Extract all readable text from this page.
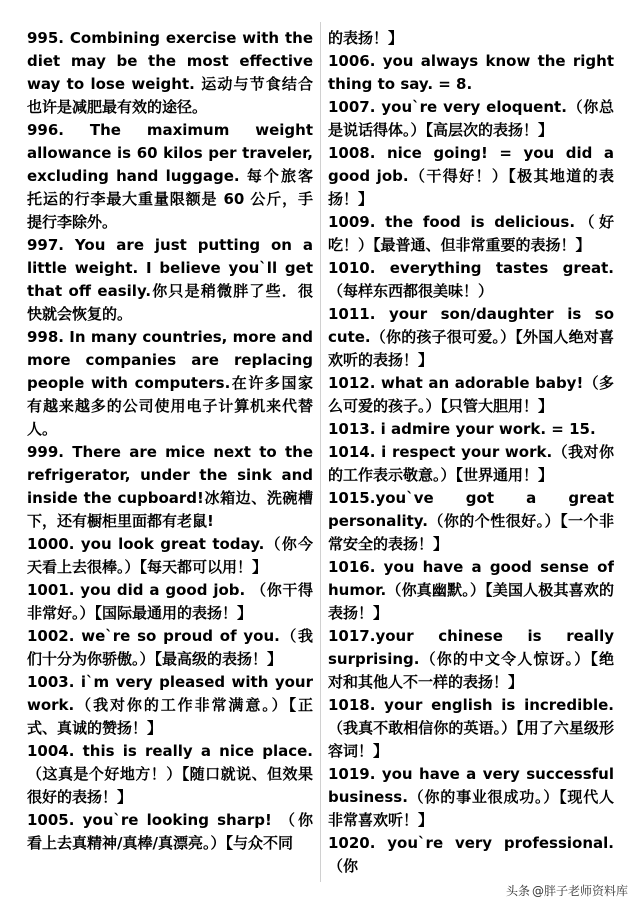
995. Combining exercise with the diet may be the most effective way to lose weight. 运动与节食结合也许是减肥最有效的途径。

996. The maximum weight allowance is 60 kilos per traveler, excluding hand luggage. 每个旅客托运的行李最大重量限额是 60 公斤，手提行李除外。

997. You are just putting on a little weight. I believe you`ll get that off easily.你只是稍微胖了些．很快就会恢复的。

998. In many countries, more and more companies are replacing people with computers.在许多国家有越来越多的公司使用电子计算机来代替人。

999. There are mice next to the refrigerator, under the sink and inside the cupboard!冰箱边、洗碗槽下，还有橱柜里面都有老鼠!

1000. you look great today.（你今天看上去很棒。）【每天都可以用！】

1001. you did a good job. （你干得非常好。）【国际最通用的表扬！】

1002. we`re so proud of you.（我们十分为你骄傲。）【最高级的表扬！】

1003. i`m very pleased with your work.（我对你的工作非常满意。）【正式、真诚的赞扬！】

1004. this is really a nice place.（这真是个好地方！）【随口就说、但效果很好的表扬！】

1005. you`re looking sharp! （你看上去真精神/真棒/真漂亮。）【与众不同

的表扬！】

1006. you always know the right thing to say. = 8.

1007. you`re very eloquent.（你总是说话得体。）【高层次的表扬！】

1008. nice going! = you did a good job.（干得好！）【极其地道的表扬！】

1009. the food is delicious.（好吃！）【最普通、但非常重要的表扬！】

1010. everything tastes great.（每样东西都很美味！）

1011. your son/daughter is so cute.（你的孩子很可爱。）【外国人绝对喜欢听的表扬！】

1012. what an adorable baby!（多么可爱的孩子。）【只管大胆用！】

1013. i admire your work. = 15.

1014. i respect your work.（我对你的工作表示敬意。）【世界通用！】

1015.you`ve got a great personality.（你的个性很好。）【一个非常安全的表扬！】

1016. you have a good sense of humor.（你真幽默。）【美国人极其喜欢的表扬！】

1017.your chinese is really surprising.（你的中文令人惊讶。）【绝对和其他人不一样的表扬！】

1018. your english is incredible.（我真不敢相信你的英语。）【用了六星级形容词！】

1019. you have a very successful business.（你的事业很成功。）【现代人非常喜欢听！】

1020. you`re very professional.（你

头条 @胖子老师资料库
